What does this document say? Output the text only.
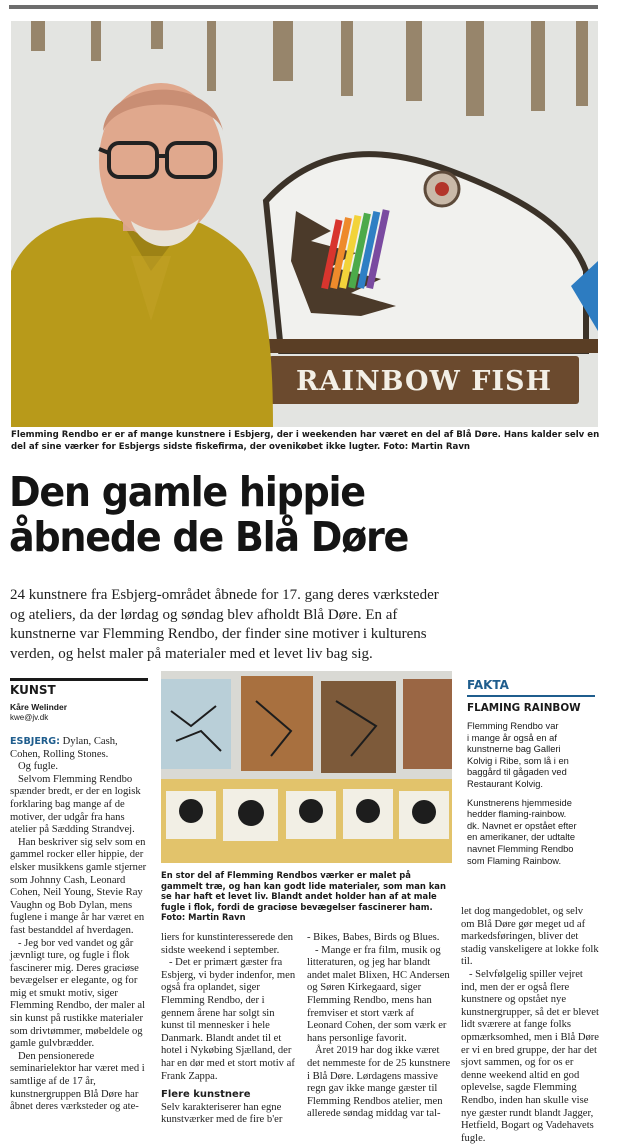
RAINBOW FISH
Flemming Rendbo er er af mange kunstnere i Esbjerg, der i weekenden har været en del af Blå Døre. Hans kalder selv en del af sine værker for Esbjergs sidste fiskefirma, der ovenikøbet ikke lugter. Foto: Martin Ravn
Den gamle hippie
åbnede de Blå Døre
24 kunstnere fra Esbjerg-området åbnede for 17. gang deres værksteder
og ateliers, da der lørdag og søndag blev afholdt Blå Døre. En af
kunstnerne var Flemming Rendbo, der finder sine motiver i kulturens
verden, og helst maler på materialer med et levet liv bag sig.
KUNST
Kåre Welinder
kwe@jv.dk

ESBJERG: Dylan, Cash, Cohen, Rolling Stones.

Og fugle.

Selvom Flemming Rendbo spænder bredt, er der en logisk forklaring bag mange af de motiver, der udgår fra hans atelier på Sædding Strandvej.

Han beskriver sig selv som en gammel rocker eller hippie, der elsker musikkens gamle stjerner som Johnny Cash, Leonard Cohen, Neil Young, Stevie Ray Vaughn og Bob Dylan, mens fuglene i mange år har været en fast bestanddel af hverdagen.

- Jeg bor ved vandet og går jævnligt ture, og fugle i flok fascinerer mig. Deres graciøse bevægelser er elegante, og for mig et smukt motiv, siger Flemming Rendbo, der maler al sin kunst på rustikke materialer som drivtømmer, møbeldele og gamle gulvbrædder.

Den pensionerede seminarielektor har været med i samtlige af de 17 år, kunstnergruppen Blå Døre har åbnet deres værksteder og ate-

En stor del af Flemming Rendbos værker er malet på gammelt træ, og han kan godt lide materialer, som man kan se har haft et levet liv. Blandt andet holder han af at male fugle i flok, fordi de graciøse bevægelser fascinerer ham. Foto: Martin Ravn

liers for kunstinteresserede den sidste weekend i september.

- Det er primært gæster fra Esbjerg, vi byder indenfor, men også fra oplandet, siger Flemming Rendbo, der i gennem årene har solgt sin kunst til mennesker i hele Danmark. Blandt andet til et hotel i Nykøbing Sjælland, der har en dør med et stort motiv af Frank Zappa.

Flere kunstnere

Selv karakteriserer han egne kunstværker med de fire b'er

- Bikes, Babes, Birds og Blues.

- Mange er fra film, musik og litteraturen, og jeg har blandt andet malet Blixen, HC Andersen og Søren Kirkegaard, siger Flemming Rendbo, mens han fremviser et stort værk af Leonard Cohen, der som værk er hans personlige favorit.

Året 2019 har dog ikke været det nemmeste for de 25 kunstnere i Blå Døre. Lørdagens massive regn gav ikke mange gæster til Flemming Rendbos atelier, men allerede søndag middag var tal-

let dog mangedoblet, og selv om Blå Døre gør meget ud af markedsføringen, bliver det stadig vanskeligere at lokke folk til.

- Selvfølgelig spiller vejret ind, men der er også flere kunstnere og opstået nye kunstnergrupper, så det er blevet lidt sværere at fange folks opmærksomhed, men i Blå Døre er vi en bred gruppe, der har det sjovt sammen, og for os er denne weekend altid en god oplevelse, sagde Flemming Rendbo, inden han skulle vise nye gæster rundt blandt Jagger, Hetfield, Bogart og Vadehavets fugle.

FAKTA
FLAMING RAINBOW

Flemming Rendbo var
i mange år også en af
kunstnerne bag Galleri
Kolvig i Ribe, som lå i en
baggård til gågaden ved
Restaurant Kolvig.

Kunstnerens hjemmeside
hedder flaming-rainbow.
dk. Navnet er opstået efter
en amerikaner, der udtalte
navnet Flemming Rendbo
som Flaming Rainbow.
